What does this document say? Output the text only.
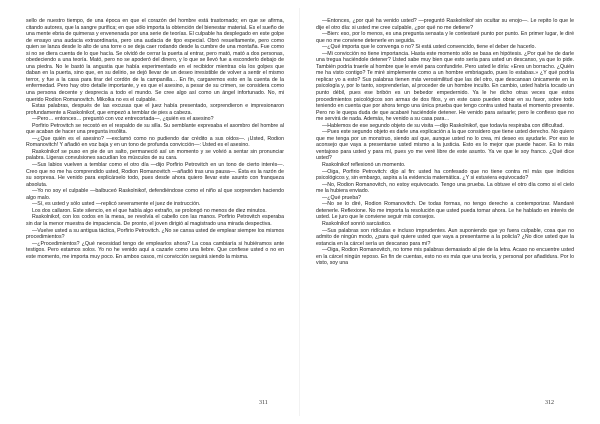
sello de nuestro tiempo, de una época en que el corazón del hombre está trastornado; en que se afirma, citando autores, que la sangre purifica; en que sólo importa la obtención del bienestar material. Es el sueño de una mente ebria de quimeras y envenenada por una serie de teorías. El culpable ha desplegado en este golpe de ensayo una audacia extraordinaria, pero una audacia de tipo especial. Obró resueltamente, pero como quien se lanza desde lo alto de una torre o se deja caer rodando desde la cumbre de una montaña. Fue como si no se diera cuenta de lo que hacía. Se olvidó de cerrar la puerta al entrar, pero mató, mató a dos personas, obedeciendo a una teoría. Mató, pero no se apoderó del dinero, y lo que se llevó fue a esconderlo debajo de una piedra. No le bastó la angustia que había experimentado en el recibidor mientras oía los golpes que daban en la puerta, sino que, en su delirio, se dejó llevar de un deseo irresistible de volver a sentir el mismo terror, y fue a la casa para tirar del cordón de la campanilla… En fin, cargaremos esto en la cuenta de la enfermedad. Pero hay otro detalle importante, y es que el asesino, a pesar de su crimen, se considera como una persona decente y desprecia a todo el mundo. Se cree algo así como un ángel infortunado. No, mi querido Rodion Romanovitch. Mikolka no es el culpable.

Estas palabras, después de las excusas que el juez había presentado, sorprendieron e impresionaron profundamente a Raskolnikof, que empezó a temblar de pies a cabeza.

—Pero… entonces… preguntó con voz entrecortada—, ¿quién es el asesino?

Porfirio Petrovitch se recostó en el respaldo de su silla. Su semblante expresaba el asombro del hombre al que acaban de hacer una pregunta insólita.

—¿Que quién es el asesino? —exclamó como no pudiendo dar crédito a sus oídos—. ¡Usted, Rodion Romanovitch! Y añadió en voz baja y en un tono de profunda convicción—: Usted es el asesino.

Raskolnikof se puso en pie de un salto, permaneció así un momento y se volvió a sentar sin pronunciar palabra. Ligeras convulsiones sacudían los músculos de su cara.

—Sus labios vuelven a temblar como el otro día —dijo Porfirio Petrovitch en un tono de cierto interés—. Creo que no me ha comprendido usted, Rodion Romanovitch —añadió tras una pausa—. Ésta es la razón de su sorpresa. He venido para explicárselo todo, pues desde ahora quiero llevar este asunto con franqueza absoluta.

—Yo no soy el culpable —balbuceó Raskolnikof, defendiéndose como el niño al que sorprenden haciendo algo malo.

—Sí, es usted y sólo usted —replicó severamente el juez de instrucción.

Los dos callaron. Este silencio, en el que había algo extraño, se prolongó no menos de diez minutos.

Raskolnikof, con los codos en la mesa, se revolvía el cabello con las manos. Porfirio Petrovitch esperaba sin dar la menor muestra de impaciencia. De pronto, el joven dirigió al magistrado una mirada despectiva.

—Vuelve usted a su antigua táctica, Porfirio Petrovitch. ¿No se cansa usted de emplear siempre los mismos procedimientos?

—¿Procedimientos? ¿Qué necesidad tengo de emplearlos ahora? La cosa cambiaría si hubiéramos ante testigos. Pero estamos solos. Yo no he venido aquí a cazarle como una liebre. Que confiese usted o no en este momento, me importa muy poco. En ambos casos, mi convicción seguirá siendo la misma.

—Entonces, ¿por qué ha venido usted? —preguntó Raskolnikof sin ocultar su enojo—. Le repito lo que le dije el otro día: si usted me cree culpable, ¿por qué no me detiene?

—Bien: eso, por lo menos, es una pregunta sensata y le contestaré punto por punto. En primer lugar, le diré que no me conviene detenerle en seguida.

—¿Qué importa que le convenga o no? Si está usted convencido, tiene el deber de hacerlo.

—Mi convicción no tiene importancia. Hasta este momento sólo se basa en hipótesis. ¿Por qué he de darle una tregua haciéndole detener? Usted sabe muy bien que esto sería para usted un descanso, ya que lo pide. También podría traerle al hombre que le envié para confundirle. Pero usted le diría: «Eres un borracho. ¿Quién me ha visto contigo? Te miré simplemente como a un hombre embriagado, pues lo estabas.» ¿Y qué podría replicar yo a esto? Sus palabras tienen más verosimilitud que las del otro, que descansan únicamente en la psicología y, por lo tanto, sorprenderían, al proceder de un hombre inculto. En cambio, usted habría tocado un punto débil, pues ese bribón es un bebedor empedernido. Ya le he dicho otras veces que estos procedimientos psicológicos son armas de dos filos, y en este caso pueden obrar en su favor, sobre todo teniendo en cuenta que por ahora tengo una única prueba que tengo contra usted hasta el momento presente. Pero no le quepa duda de que acabaré haciéndole detener. He venido para avisarle; pero le confieso que no me servirá de nada. Además, he venido a su casa para…

—Hablemos de ese segundo objeto de su visita —dijo Raskolnikof, que todavía respiraba con dificultad.

—Pues este segundo objeto es darle una explicación a la que considero que tiene usted derecho. No quiero que me tenga por un monstruo, siendo así que, aunque usted no lo crea, mi deseo es ayudarle. Por eso le aconsejo que vaya a presentarse usted mismo a la justicia. Esto es lo mejor que puede hacer. Es lo más ventajoso para usted y para mí, pues yo me veré libre de este asunto. Ya ve que le soy franco. ¿Qué dice usted?

Raskolnikof reflexionó un momento.

—Oiga, Porfirio Petrovitch: dijo al fin: usted ha confesado que no tiene contra mí más que indicios psicológicos y, sin embargo, aspira a la evidencia matemática. ¿Y si estuviera equivocado?

—No, Rodion Romanovitch, no estoy equivocado. Tengo una prueba. La obtuve el otro día como si el cielo me la hubiera enviado.

—¿Qué prueba?

—No se lo diré, Rodion Romanovitch. De todas formas, no tengo derecho a contemporizar. Mandaré detenerle. Reflexione. No me importa la resolución que usted pueda tomar ahora. Le he hablado en interés de usted. Le juro que le conviene seguir mis consejos.

Raskolnikof sonrió sarcástico.

—Sus palabras son ridículas e incluso imprudentes. Aun suponiendo que yo fuera culpable, cosa que no admito de ningún modo, ¿para qué quiere usted que vaya a presentarme a la policía? ¿No dice usted que la estancia en la cárcel sería un descanso para mí?

—Oiga, Rodion Romanovitch, no tome mis palabras demasiado al pie de la letra. Acaso no encuentre usted en la cárcel ningún reposo. En fin de cuentas, esto no es más que una teoría, y personal por añadidura. Por lo visto, soy una

311	312
